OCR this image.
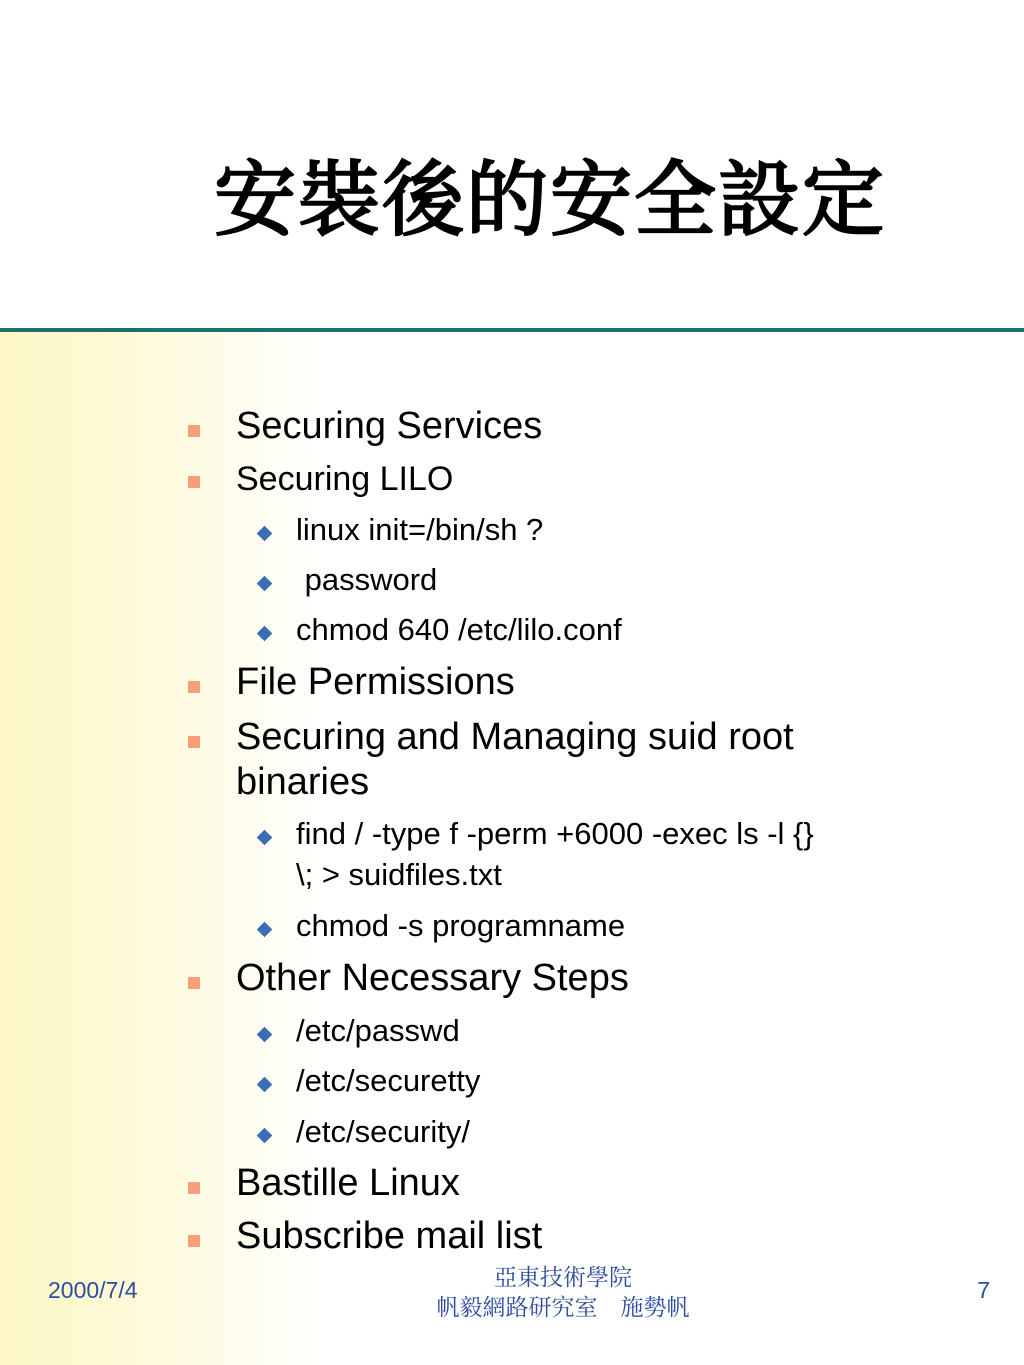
安裝後的安全設定
Securing Services
Securing LILO
linux init=/bin/sh ?
password
chmod 640 /etc/lilo.conf
File Permissions
Securing and Managing suid root binaries
find / -type f -perm +6000 -exec ls -l {} \; > suidfiles.txt
chmod -s programname
Other Necessary Steps
/etc/passwd
/etc/securetty
/etc/security/
Bastille Linux
Subscribe mail list
2000/7/4	亞東技術學院
帆毅網路研究室　施勢帆
7
